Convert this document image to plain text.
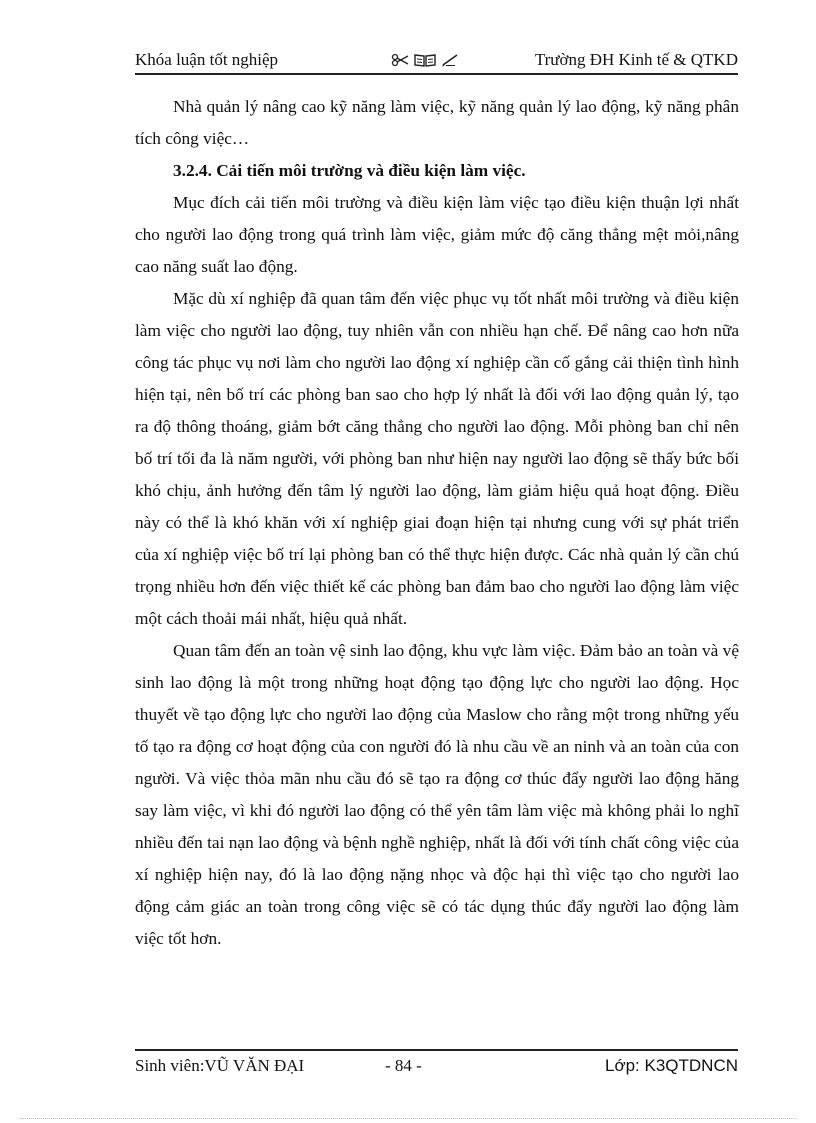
Khóa luận tốt nghiệp	Trường ĐH Kinh tế & QTKD

Nhà quản lý nâng cao kỹ năng làm việc, kỹ năng quản lý lao động, kỹ năng phân tích công việc…

3.2.4. Cải tiến môi trường và điều kiện làm việc.

Mục đích cải tiến môi trường và điều kiện làm việc tạo điều kiện thuận lợi nhất cho người lao động trong quá trình làm việc, giảm mức độ căng thẳng mệt mỏi,nâng cao năng suất lao động.

Mặc dù xí nghiệp đã quan tâm đến việc phục vụ tốt nhất môi trường và điều kiện làm việc cho người lao động, tuy nhiên vẫn con nhiều hạn chế. Để nâng cao hơn nữa công tác phục vụ nơi làm cho người lao động xí nghiệp cần cố gắng cải thiện tình hình hiện tại, nên bố trí các phòng ban sao cho hợp lý nhất là đối với lao động quản lý, tạo ra độ thông thoáng, giảm bớt căng thẳng cho người lao động. Mỗi phòng ban chỉ nên bố trí tối đa là năm người, với phòng ban như hiện nay người lao động sẽ thấy bức bối khó chịu, ảnh hưởng đến tâm lý người lao động, làm giảm hiệu quả hoạt động. Điều này có thể là khó khăn với xí nghiệp giai đoạn hiện tại nhưng cung với sự phát triển của xí nghiệp việc bố trí lại phòng ban có thể thực hiện được. Các nhà quản lý cần chú trọng nhiều hơn đến việc thiết kế các phòng ban đảm bao cho người lao động làm việc một cách thoải mái nhất, hiệu quả nhất.

Quan tâm đến an toàn vệ sinh lao động, khu vực làm việc. Đảm bảo an toàn và vệ sinh lao động là một trong những hoạt động tạo động lực cho người lao động. Học thuyết về tạo động lực cho người lao động của Maslow cho rằng một trong những yếu tố tạo ra động cơ hoạt động của con người đó là nhu cầu về an ninh và an toàn của con người. Và việc thỏa mãn nhu cầu đó sẽ tạo ra động cơ thúc đẩy người lao động hăng say làm việc, vì khi đó người lao động có thể yên tâm làm việc mà không phải lo nghĩ nhiều đến tai nạn lao động và bệnh nghề nghiệp, nhất là đối với tính chất công việc của xí nghiệp hiện nay, đó là lao động nặng nhọc và độc hại thì việc tạo cho người lao động cảm giác an toàn trong công việc sẽ có tác dụng thúc đẩy người lao động làm việc tốt hơn.

Sinh viên:VŨ VĂN ĐẠI	- 84 -	Lớp: K3QTDNCN
